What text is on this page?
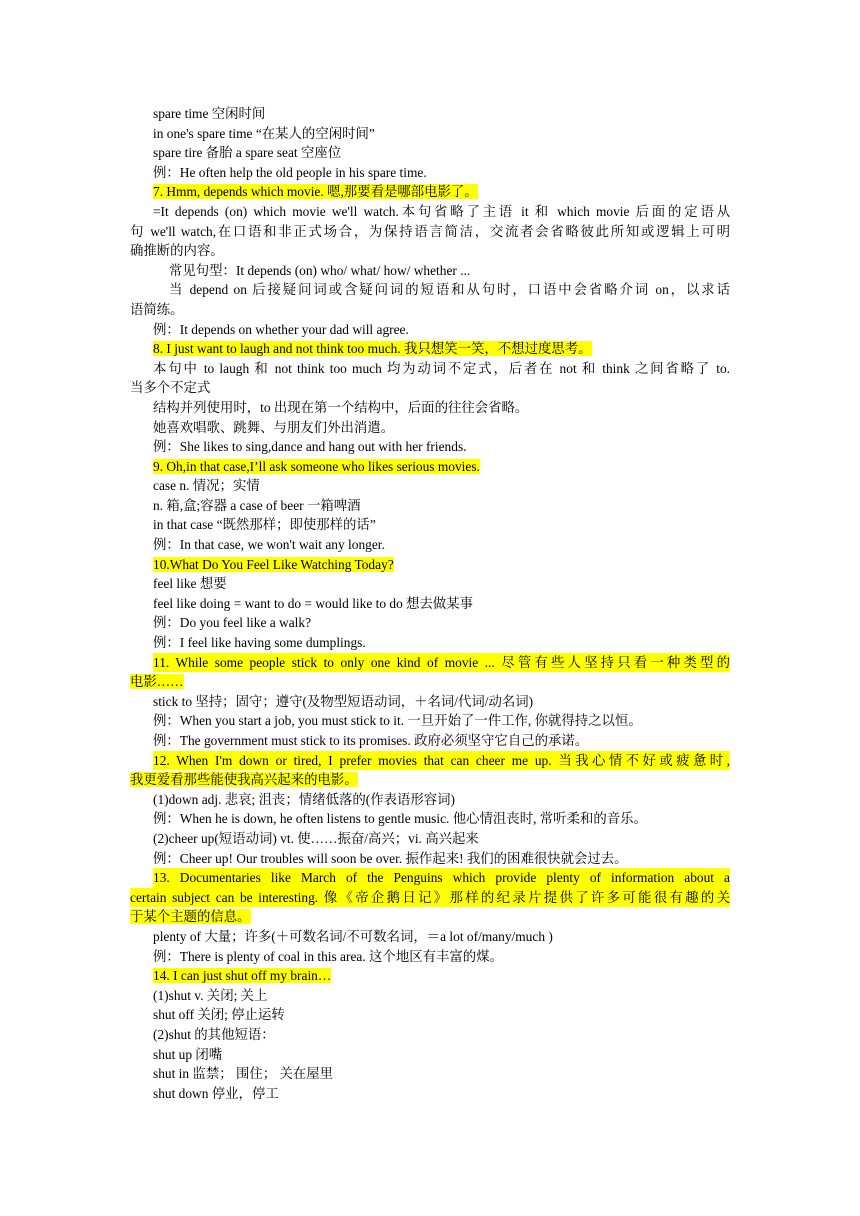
spare time 空闲时间
in one's spare time “在某人的空闲时间”
spare tire 备胎 a spare seat 空座位
例：He often help the old people in his spare time.
7. Hmm, depends which movie. 嗯,那要看是哪部电影了。
=It depends (on) which movie we'll watch.本句省略了主语 it 和 which movie 后面的定语从
句 we'll watch,在口语和非正式场合，为保持语言简洁，交流者会省略彼此所知或逻辑上可明
确推断的内容。
常见句型：It depends (on) who/ what/ how/ whether ...
当 depend on 后接疑问词或含疑问词的短语和从句时，口语中会省略介词 on，以求话
语简练。
例：It depends on whether your dad will agree.
8. I just want to laugh and not think too much. 我只想笑一笑，不想过度思考。
本句中 to laugh 和 not think too much 均为动词不定式，后者在 not 和 think 之间省略了 to.
当多个不定式
结构并列使用时，to 出现在第一个结构中，后面的往往会省略。
她喜欢唱歌、跳舞、与朋友们外出消遣。
例：She likes to sing,dance and hang out with her friends.
9. Oh,in that case,I’ll ask someone who likes serious movies.
case n. 情况；实情
n. 箱,盒;容器 a case of beer 一箱啤酒
in that case “既然那样；即使那样的话”
例：In that case, we won't wait any longer.
10.What Do You Feel Like Watching Today?
feel like 想要
feel like doing = want to do = would like to do 想去做某事
例：Do you feel like a walk?
例：I feel like having some dumplings.
11. While some people stick to only one kind of movie ... 尽管有些人坚持只看一种类型的
电影……
stick to 坚持；固守；遵守(及物型短语动词，＋名词/代词/动名词)
例：When you start a job, you must stick to it. 一旦开始了一件工作, 你就得持之以恒。
例：The government must stick to its promises. 政府必须坚守它自己的承诺。
12. When I'm down or tired, I prefer movies that can cheer me up. 当我心情不好或疲惫时,
我更爱看那些能使我高兴起来的电影。
(1)down adj. 悲哀; 沮丧；情绪低落的(作表语形容词)
例：When he is down, he often listens to gentle music. 他心情沮丧时, 常听柔和的音乐。
(2)cheer up(短语动词) vt. 使……振奋/高兴；vi. 高兴起来
例：Cheer up! Our troubles will soon be over. 振作起来! 我们的困难很快就会过去。
13. Documentaries like March of the Penguins which provide plenty of information about a
certain subject can be interesting. 像《帝企鹅日记》那样的纪录片提供了许多可能很有趣的关
于某个主题的信息。
plenty of 大量；许多(＋可数名词/不可数名词，＝a lot of/many/much )
例：There is plenty of coal in this area. 这个地区有丰富的煤。
14. I can just shut off my brain…
(1)shut v. 关闭; 关上
shut off 关闭; 停止运转
(2)shut 的其他短语：
shut up 闭嘴
shut in 监禁； 围住； 关在屋里
shut down 停业，停工
